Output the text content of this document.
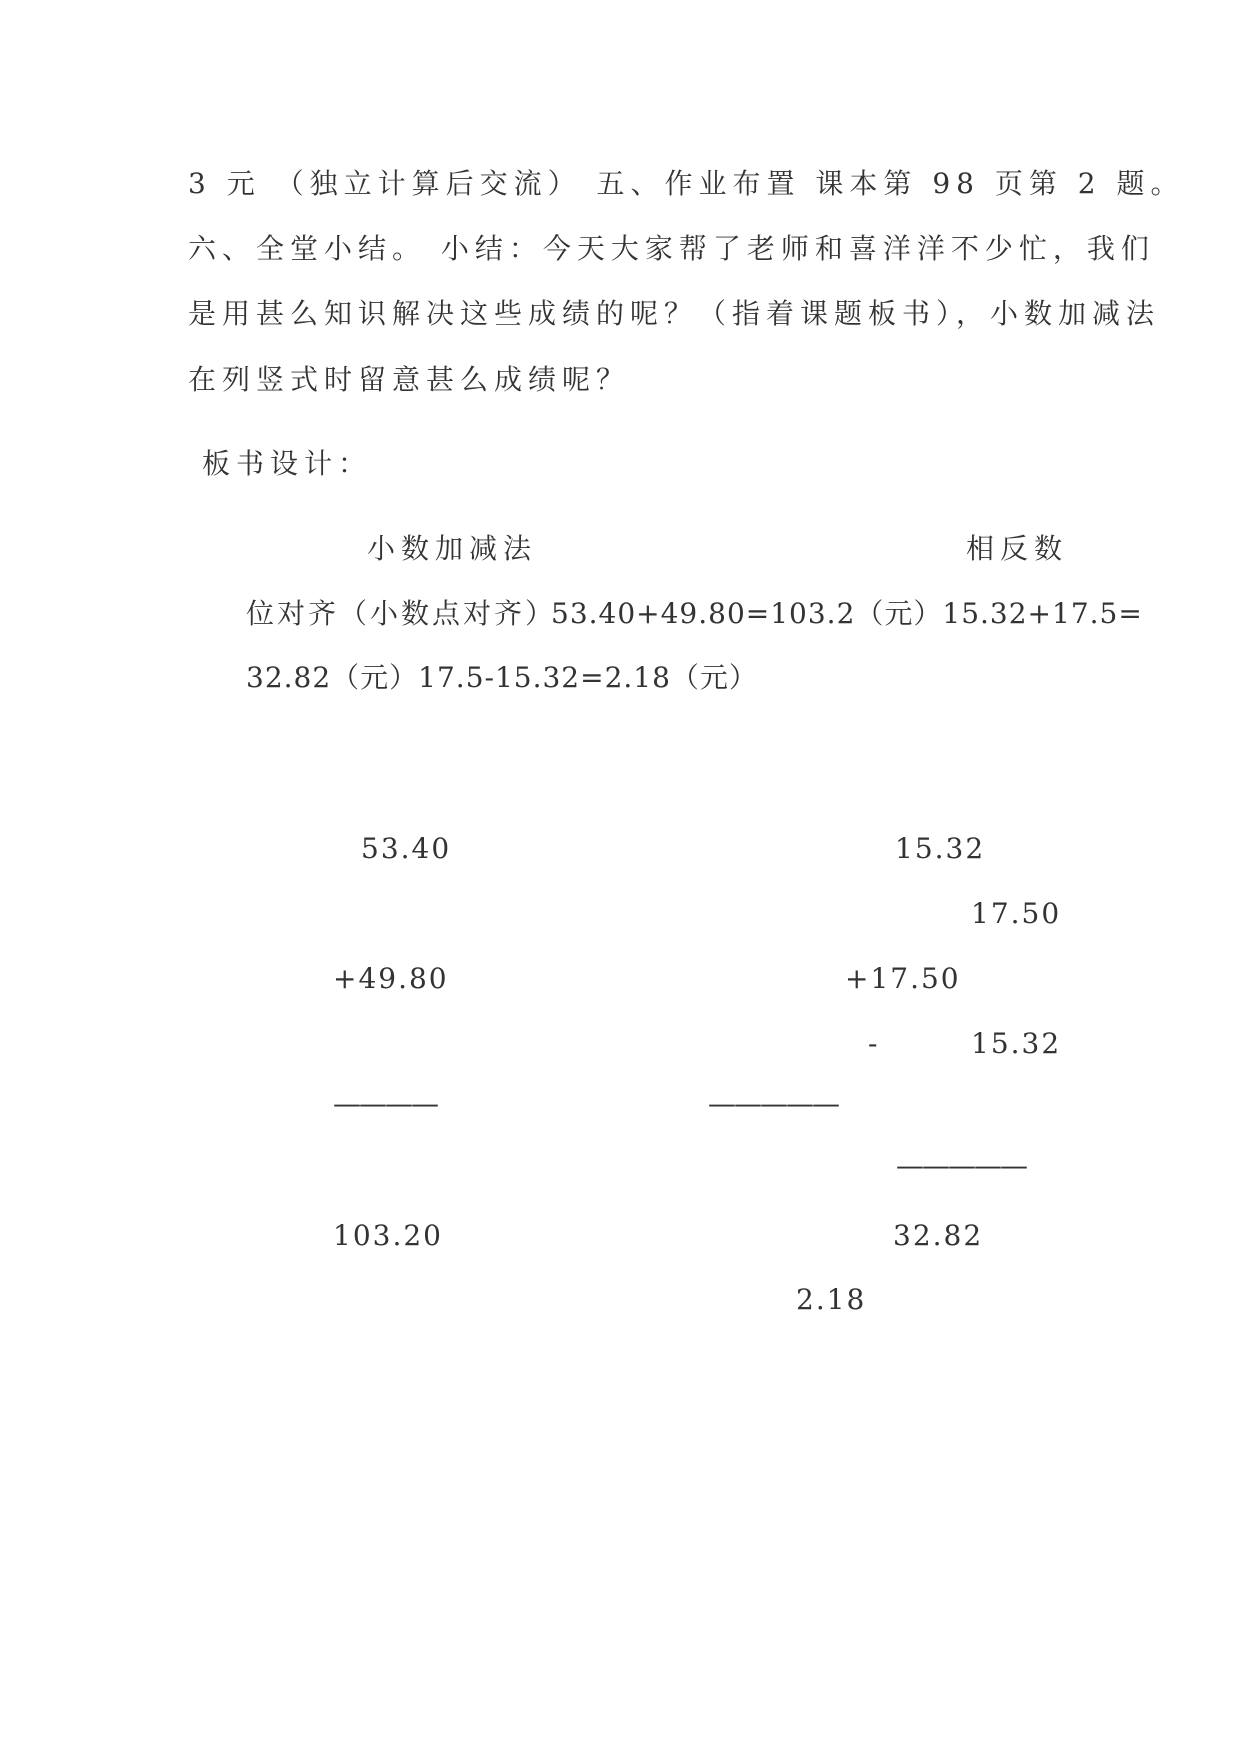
3 元 （独立计算后交流） 五、作业布置 课本第 98 页第 2 题。
六、全堂小结。 小结：今天大家帮了老师和喜洋洋不少忙，我们
是用甚么知识解决这些成绩的呢？（指着课题板书），小数加减法
在列竖式时留意甚么成绩呢？
板书设计：
小数加减法	相反数
位对齐（小数点对齐）
53.40+49.80=103.2（元）15.32+17.5=
32.82（元）17.5-15.32=2.18（元）
53.40
+49.80
————
103.20
15.32
+17.50
—————
32.82
17.50
-	15.32
—————
2.18
